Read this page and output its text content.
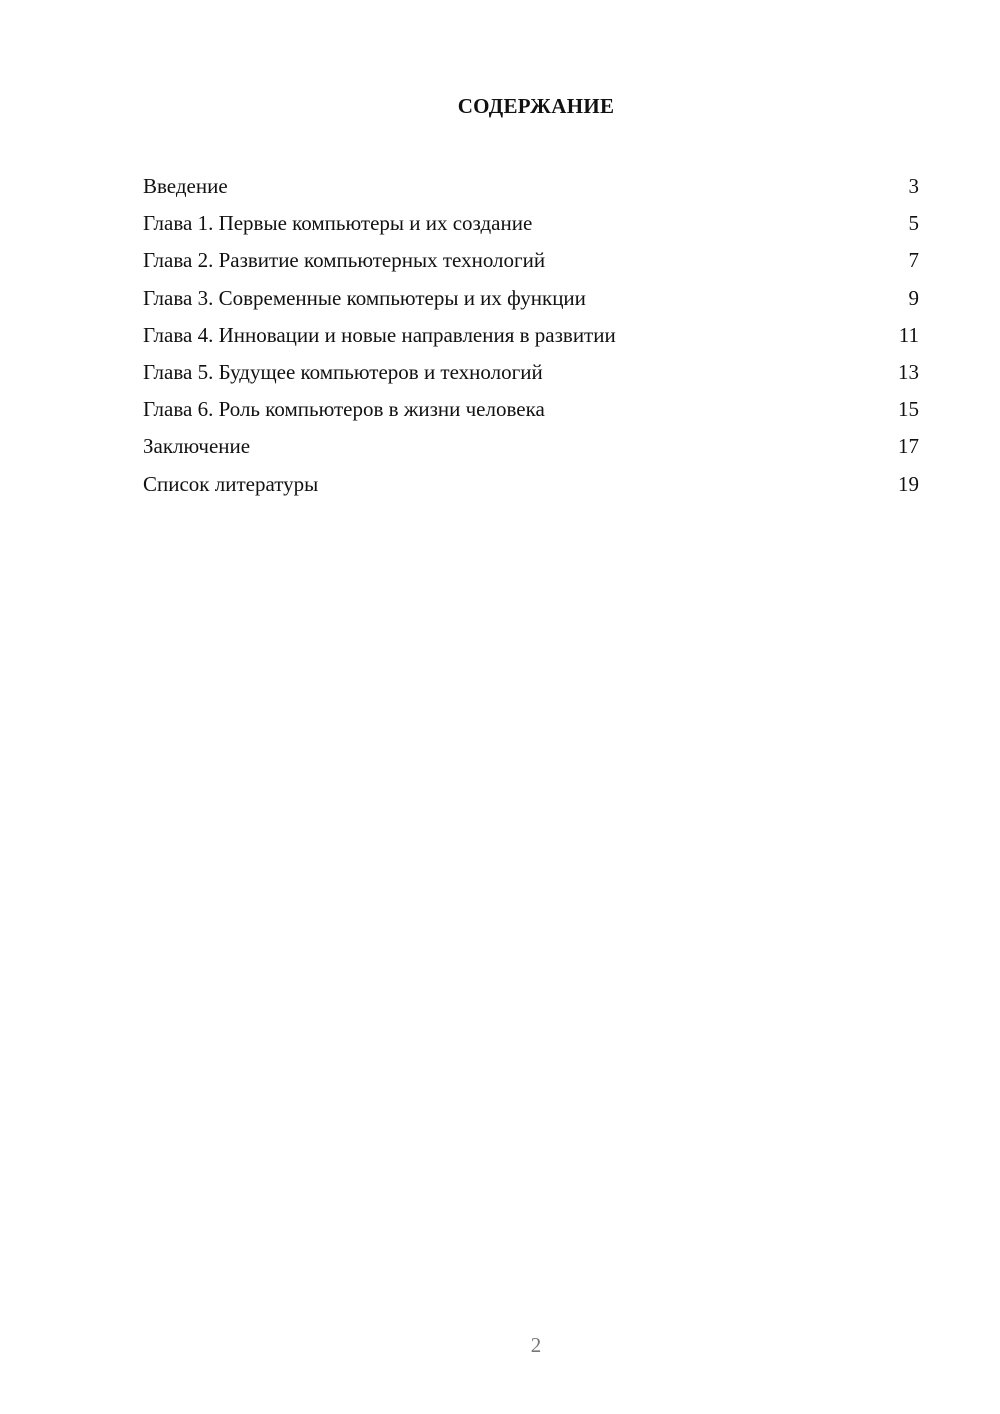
СОДЕРЖАНИЕ
Введение	3
Глава 1. Первые компьютеры и их создание	5
Глава 2. Развитие компьютерных технологий	7
Глава 3. Современные компьютеры и их функции	9
Глава 4. Инновации и новые направления в развитии	11
Глава 5. Будущее компьютеров и технологий	13
Глава 6. Роль компьютеров в жизни человека	15
Заключение	17
Список литературы	19
2
